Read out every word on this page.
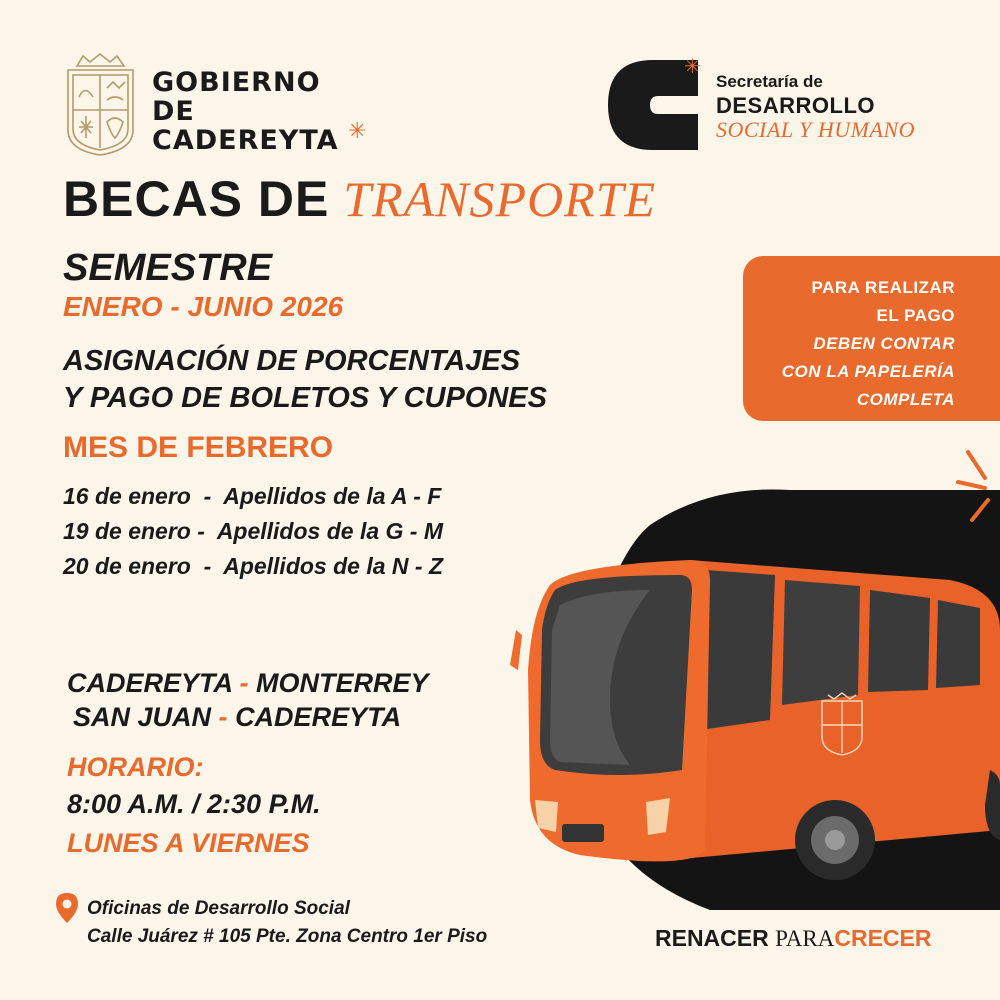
GOBIERNO
DE
CADEREYTA ✳
✳
Secretaría de
DESARROLLO
SOCIAL Y HUMANO
BECAS DE TRANSPORTE
SEMESTRE
ENERO - JUNIO 2026
ASIGNACIÓN DE PORCENTAJES
Y PAGO DE BOLETOS Y CUPONES
MES DE FEBRERO
16 de enero  -  Apellidos de la A - F
19 de enero -  Apellidos de la G - M
20 de enero  -  Apellidos de la N - Z
PARA REALIZAR
EL PAGO
DEBEN CONTAR
CON LA PAPELERÍA
COMPLETA
CADEREYTA - MONTERREY
SAN JUAN - CADEREYTA
HORARIO:
8:00 A.M. / 2:30 P.M.
LUNES A VIERNES
Oficinas de Desarrollo Social
Calle Juárez # 105 Pte. Zona Centro 1er Piso	RENACER PARACRECER
